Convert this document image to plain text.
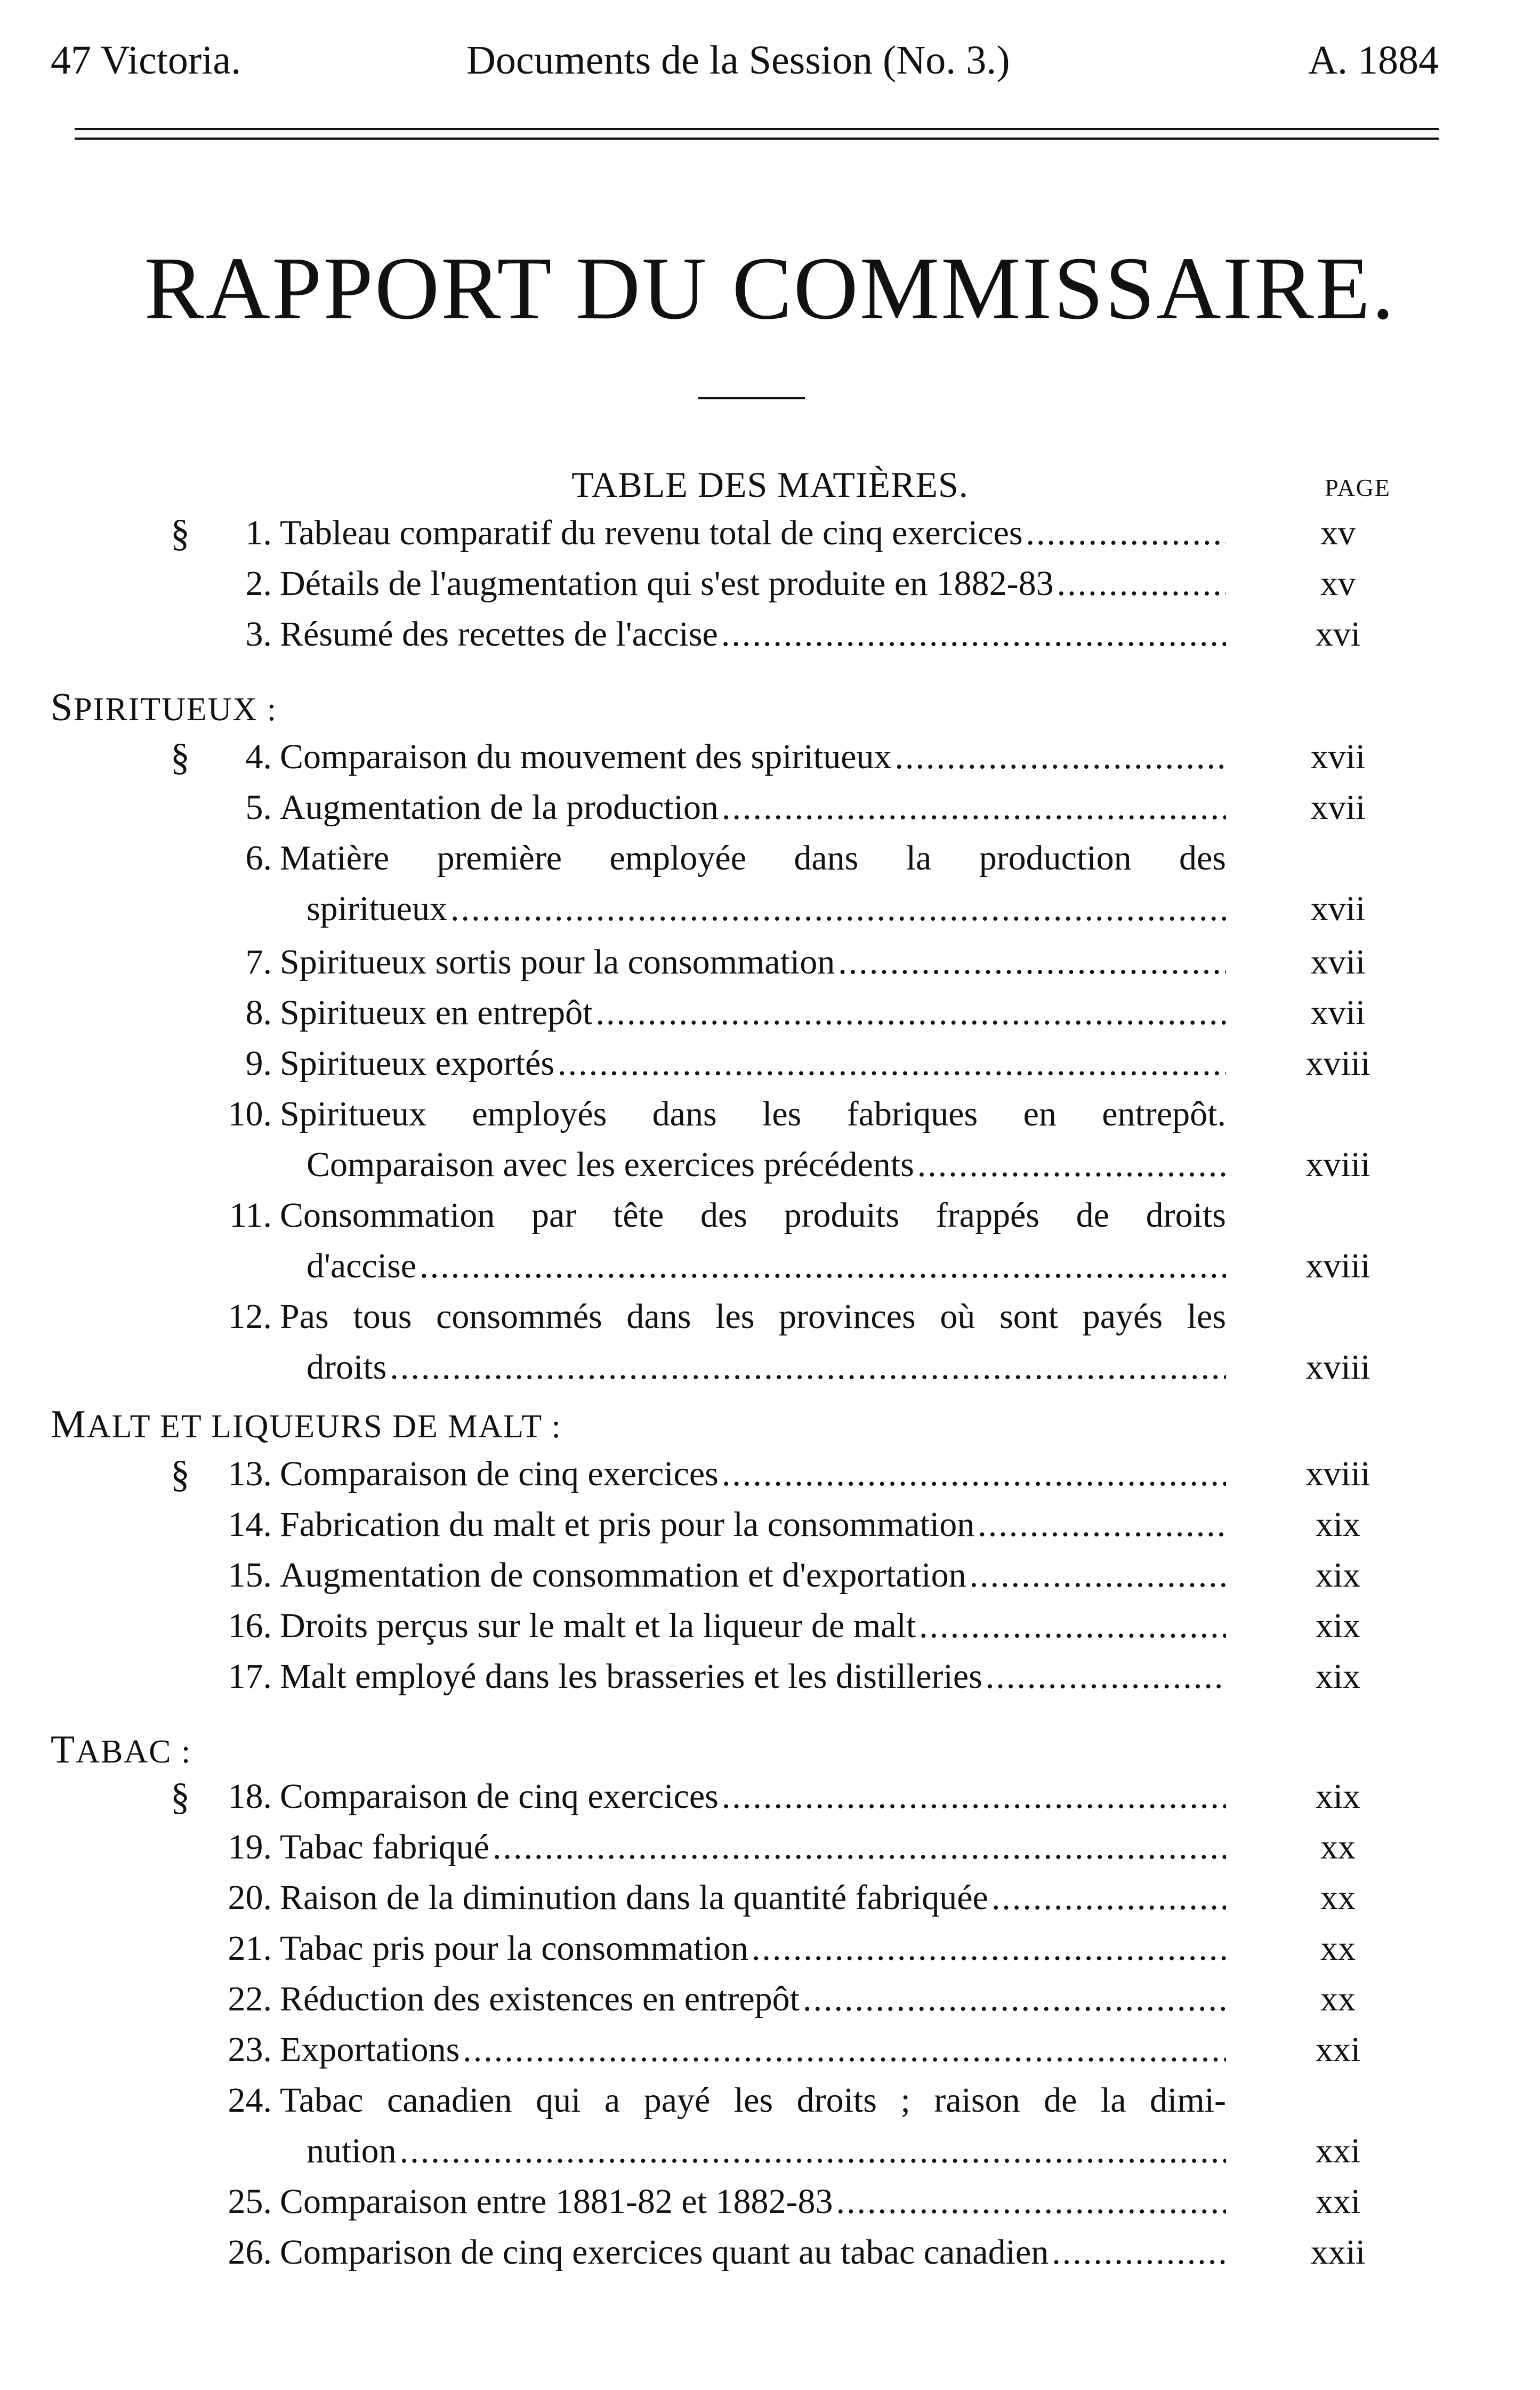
47 Victoria.	Documents de la Session (No. 3.)	A. 1884
RAPPORT DU COMMISSAIRE.
TABLE DES MATIÈRES.	PAGE
SPIRITUEUX :
MALT ET LIQUEURS DE MALT :
TABAC :
§	1. Tableau comparatif du revenu total de cinq exercices .....	xv
2. Détails de l'augmentation qui s'est produite en 1882-83 .....	xv
3. Résumé des recettes de l'accise .....	xvi
§	4. Comparaison du mouvement des spiritueux .....	xvii
5. Augmentation de la production .....	xvii
6. Matière première employée dans la production des
spiritueux .....	xvii
7. Spiritueux sortis pour la consommation .....	xvii
8. Spiritueux en entrepôt .....	xvii
9. Spiritueux exportés .....	xviii
10. Spiritueux employés dans les fabriques en entrepôt.
Comparaison avec les exercices précédents .....	xviii
11. Consommation par tête des produits frappés de droits
d'accise .....	xviii
12. Pas tous consommés dans les provinces où sont payés les
droits .....	xviii
§	13. Comparaison de cinq exercices .....	xviii
14. Fabrication du malt et pris pour la consommation .....	xix
15. Augmentation de consommation et d'exportation .....	xix
16. Droits perçus sur le malt et la liqueur de malt .....	xix
17. Malt employé dans les brasseries et les distilleries .....	xix
§	18. Comparaison de cinq exercices .....	xix
19. Tabac fabriqué .....	xx
20. Raison de la diminution dans la quantité fabriquée .....	xx
21. Tabac pris pour la consommation .....	xx
22. Réduction des existences en entrepôt .....	xx
23. Exportations .....	xxi
24. Tabac canadien qui a payé les droits ; raison de la dimi-
nution .....	xxi
25. Comparaison entre 1881-82 et 1882-83 .....	xxi
26. Comparison de cinq exercices quant au tabac canadien .....	xxii
